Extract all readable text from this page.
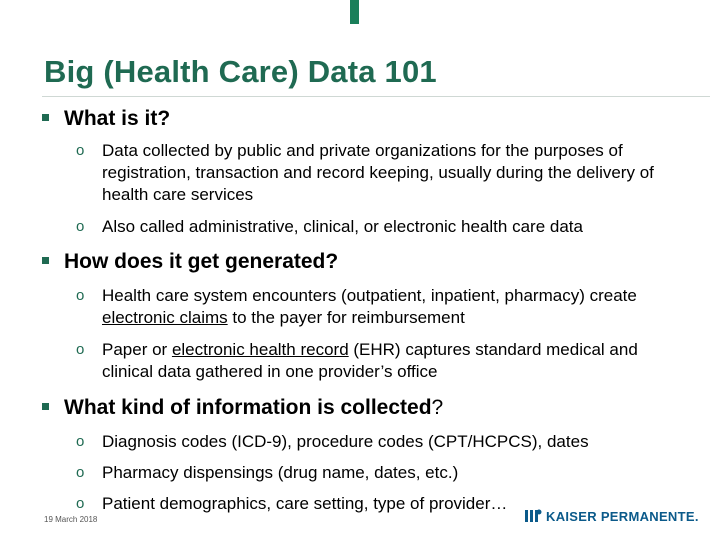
Big (Health Care) Data 101
What is it?
o Data collected by public and private organizations for the purposes of registration, transaction and record keeping, usually during the delivery of health care services
o Also called administrative, clinical, or electronic health care data
How does it get generated?
o Health care system encounters (outpatient, inpatient, pharmacy) create electronic claims to the payer for reimbursement
o Paper or electronic health record (EHR) captures standard medical and clinical data gathered in one provider’s office
What kind of information is collected?
o Diagnosis codes (ICD-9), procedure codes (CPT/HCPCS), dates
o Pharmacy dispensings (drug name, dates, etc.)
o Patient demographics, care setting, type of provider…
19 March 2018	KAISER PERMANENTE.
